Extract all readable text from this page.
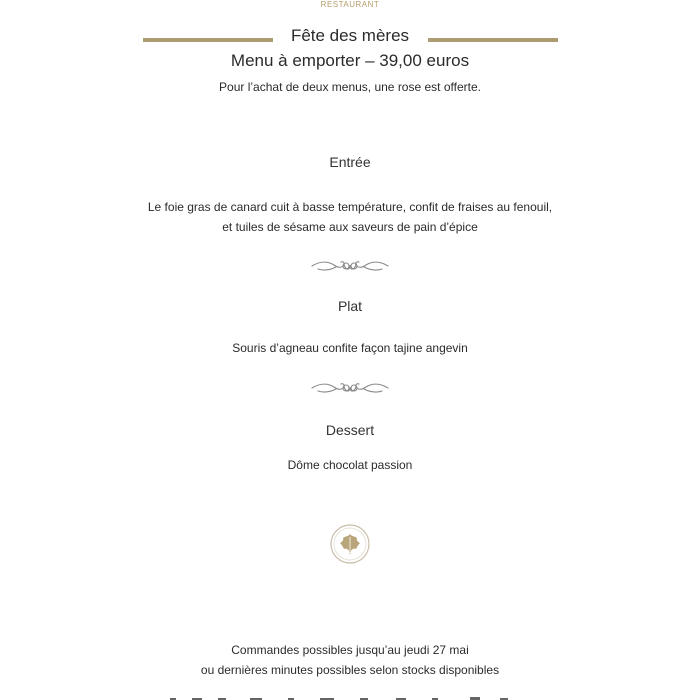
RESTAURANT
Fête des mères
Menu à emporter – 39,00 euros
Pour l’achat de deux menus, une rose est offerte.
Entrée
Le foie gras de canard cuit à basse température, confit de fraises au fenouil,
et tuiles de sésame aux saveurs de pain d’épice
Plat
Souris d’agneau confite façon tajine angevin
Dessert
Dôme chocolat passion
Commandes possibles jusqu’au jeudi 27 mai
ou dernières minutes possibles selon stocks disponibles
